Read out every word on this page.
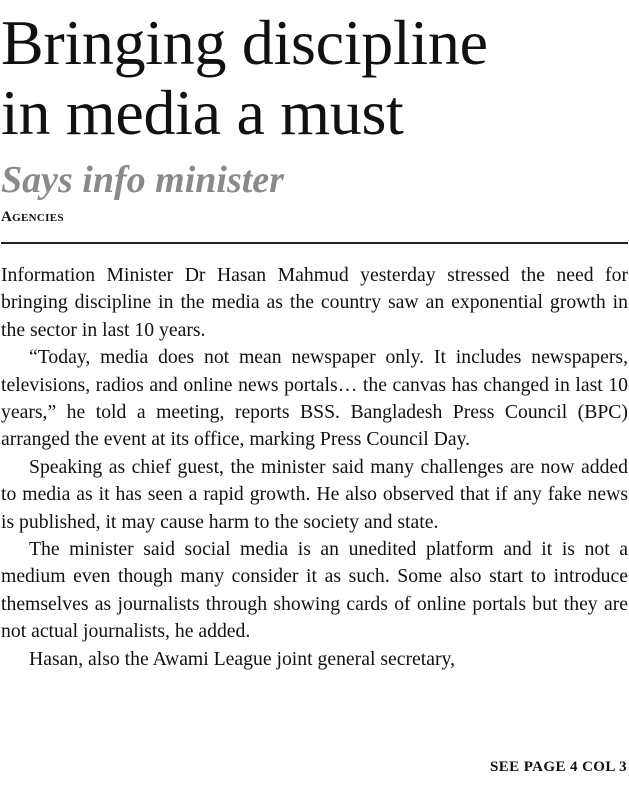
Bringing discipline
in media a must
Says info minister
Agencies

Information Minister Dr Hasan Mahmud yesterday stressed the need for bringing discipline in the media as the country saw an exponential growth in the sector in last 10 years.

“Today, media does not mean newspaper only. It includes newspapers, televisions, radios and online news portals… the canvas has changed in last 10 years,” he told a meeting, reports BSS. Bangladesh Press Council (BPC) arranged the event at its office, marking Press Council Day.

Speaking as chief guest, the minister said many challenges are now added to media as it has seen a rapid growth. He also observed that if any fake news is published, it may cause harm to the society and state.

The minister said social media is an unedited platform and it is not a medium even though many consider it as such. Some also start to introduce themselves as journalists through showing cards of online portals but they are not actual journalists, he added.

Hasan, also the Awami League joint general secretary,

SEE PAGE 4 COL 3
